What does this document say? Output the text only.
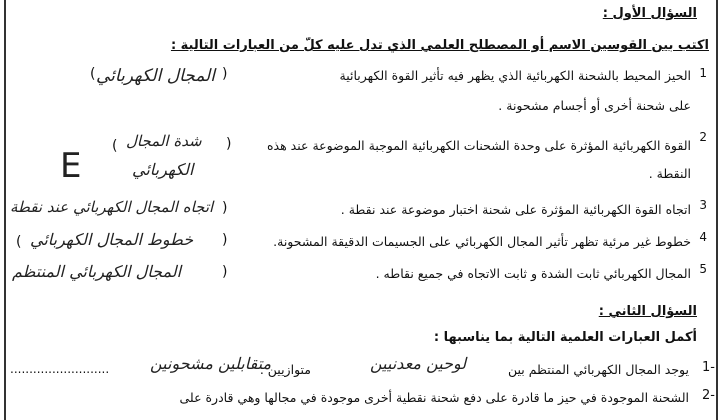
السؤال الأول :
اكتب بين القوسين الاسم أو المصطلح العلمي الذي تدل عليه كلّ من العبارات التالية :
1
الحيز المحيط بالشحنة الكهربائية الذي يظهر فيه تأثير القوة الكهربائية
على شحنة أخرى أو أجسام مشحونة .
)
المجال الكهربائي
(
2
القوة الكهربائية المؤثرة على وحدة الشحنات الكهربائية الموجبة الموضوعة عند هذه
النقطة .
)
شدة المجال
(
الكهربائي
E
3
اتجاه القوة الكهربائية المؤثرة على شحنة اختبار موضوعة عند نقطة .
)
اتجاه المجال الكهربائي عند نقطة
4
خطوط غير مرئية تظهر تأثير المجال الكهربائي على الجسيمات الدقيقة المشحونة.
)
خطوط المجال الكهربائي
(
5
المجال الكهربائي ثابت الشدة و ثابت الاتجاه في جميع نقاطه .
)
المجال الكهربائي المنتظم
السؤال الثاني :
أكمل العبارات العلمية التالية بما يناسبها :
1-
يوجد المجال الكهربائي المنتظم بين
لوحين معدنيين
متوازيين .
متقابلين مشحونين
..........................
2-
الشحنة الموجودة في حيز ما قادرة على دفع شحنة نقطية أخرى موجودة في مجالها وهي قادرة على
